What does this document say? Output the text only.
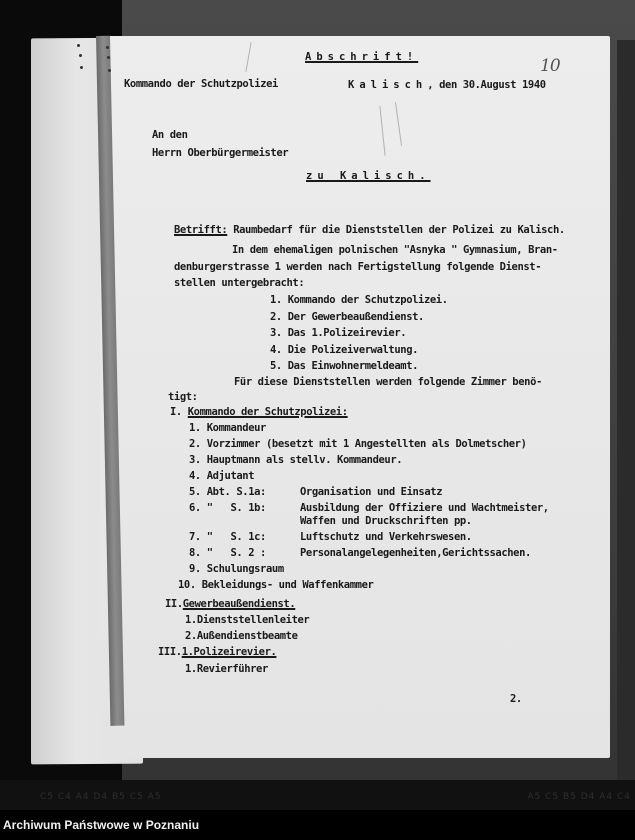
C5 C4 A4 D4 B5 C5 A5	A5 C5 B5 D4 A4 C4
Abschrift!	10
Kommando der Schutzpolizei	Kalisch, den 30.August 1940
An den
Herrn Oberbürgermeister
zu Kalisch.
Betrifft: Raumbedarf für die Dienststellen der Polizei zu Kalisch.
In dem ehemaligen polnischen "Asnyka " Gymnasium, Bran-
denburgerstrasse 1 werden nach Fertigstellung folgende Dienst-
stellen untergebracht:
1. Kommando der Schutzpolizei.
2. Der Gewerbeaußendienst.
3. Das 1.Polizeirevier.
4. Die Polizeiverwaltung.
5. Das Einwohnermeldeamt.
Für diese Dienststellen werden folgende Zimmer benö-
tigt:
I. Kommando der Schutzpolizei:
1. Kommandeur
2. Vorzimmer (besetzt mit 1 Angestellten als Dolmetscher)
3. Hauptmann als stellv. Kommandeur.
4. Adjutant
5. Abt. S.1a:	Organisation und Einsatz
6. "   S. 1b:	Ausbildung der Offiziere und Wachtmeister,
Waffen und Druckschriften pp.
7. "   S. 1c:	Luftschutz und Verkehrswesen.
8. "   S. 2 :	Personalangelegenheiten,Gerichtssachen.
9. Schulungsraum
10. Bekleidungs- und Waffenkammer
II.Gewerbeaußendienst.
1.Dienststellenleiter
2.Außendienstbeamte
III.1.Polizeirevier.
1.Revierführer
2.
Archiwum Państwowe w Poznaniu
